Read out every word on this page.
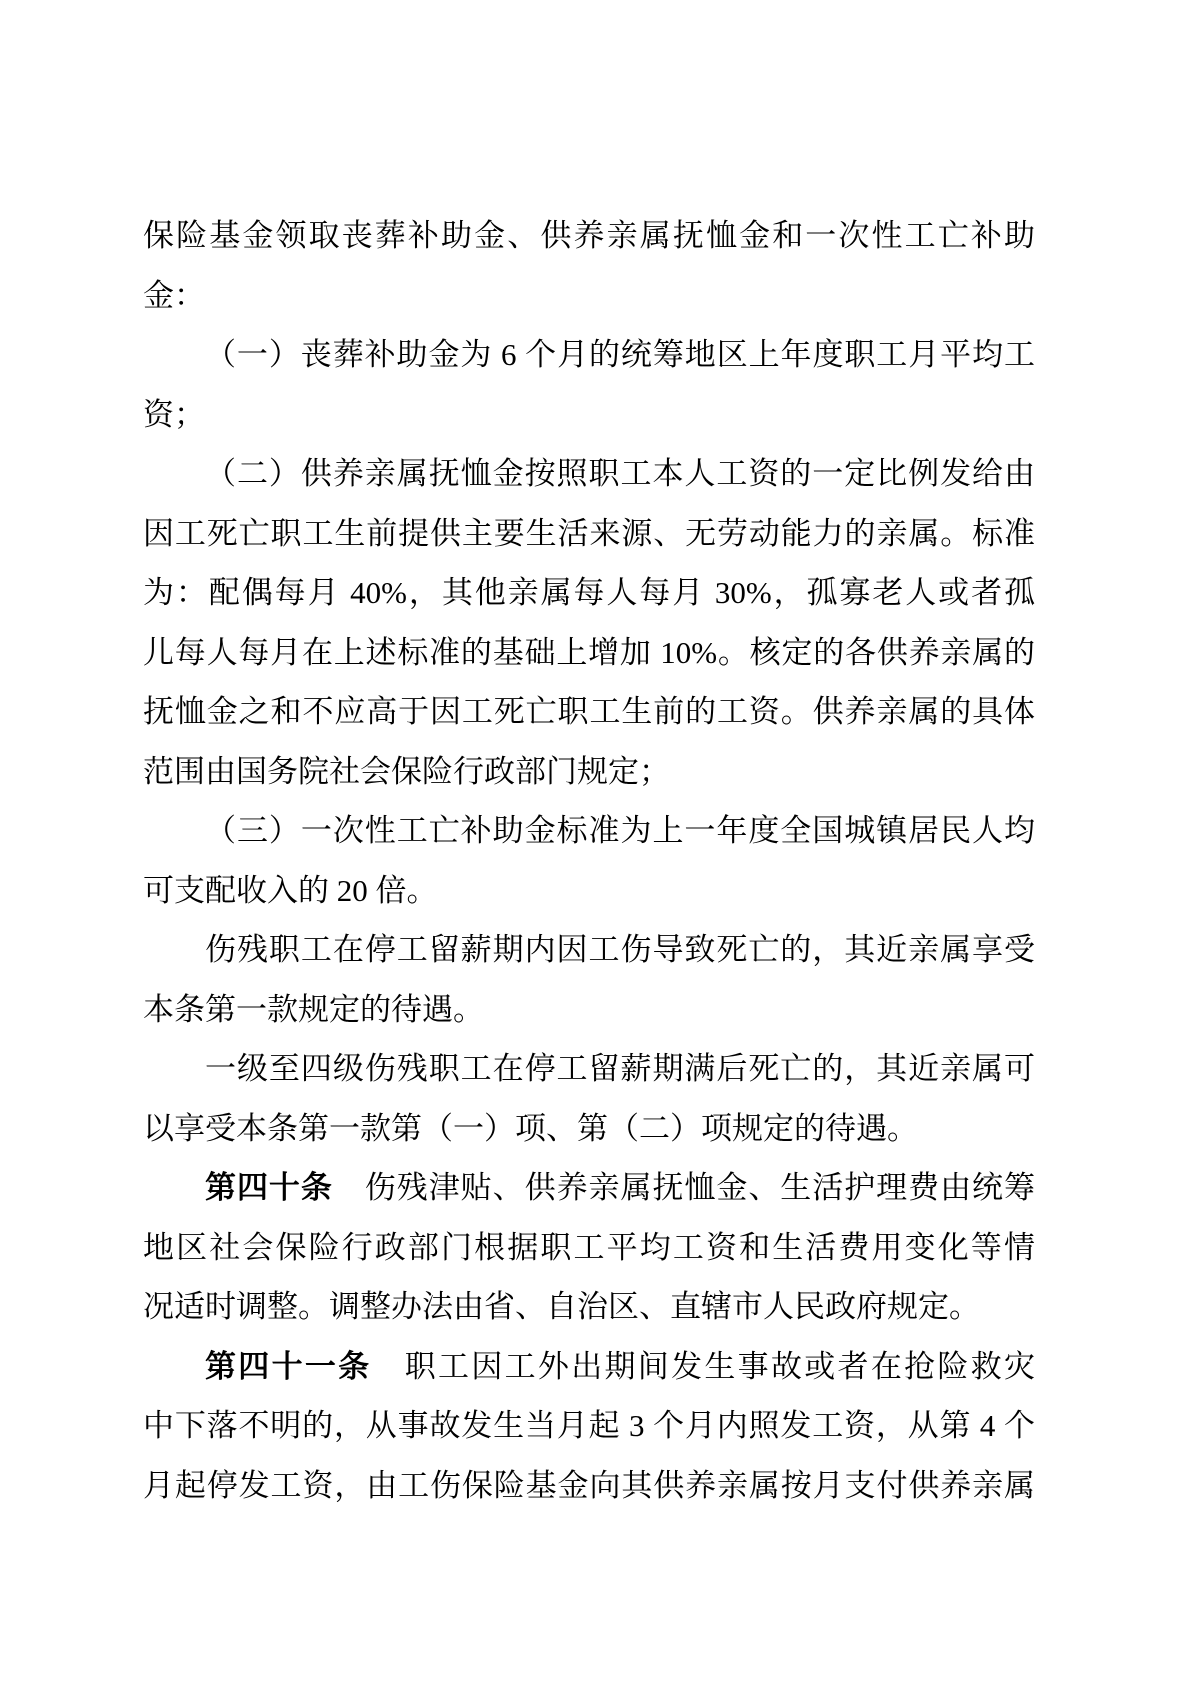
保险基金领取丧葬补助金、供养亲属抚恤金和一次性工亡补助
金：
（一）丧葬补助金为 6 个月的统筹地区上年度职工月平均工
资；
（二）供养亲属抚恤金按照职工本人工资的一定比例发给由
因工死亡职工生前提供主要生活来源、无劳动能力的亲属。标准
为：配偶每月 40%，其他亲属每人每月 30%，孤寡老人或者孤
儿每人每月在上述标准的基础上增加 10%。核定的各供养亲属的
抚恤金之和不应高于因工死亡职工生前的工资。供养亲属的具体
范围由国务院社会保险行政部门规定；
（三）一次性工亡补助金标准为上一年度全国城镇居民人均
可支配收入的 20 倍。
伤残职工在停工留薪期内因工伤导致死亡的，其近亲属享受
本条第一款规定的待遇。
一级至四级伤残职工在停工留薪期满后死亡的，其近亲属可
以享受本条第一款第（一）项、第（二）项规定的待遇。
第四十条　伤残津贴、供养亲属抚恤金、生活护理费由统筹
地区社会保险行政部门根据职工平均工资和生活费用变化等情
况适时调整。调整办法由省、自治区、直辖市人民政府规定。
第四十一条　职工因工外出期间发生事故或者在抢险救灾
中下落不明的，从事故发生当月起 3 个月内照发工资，从第 4 个
月起停发工资，由工伤保险基金向其供养亲属按月支付供养亲属
